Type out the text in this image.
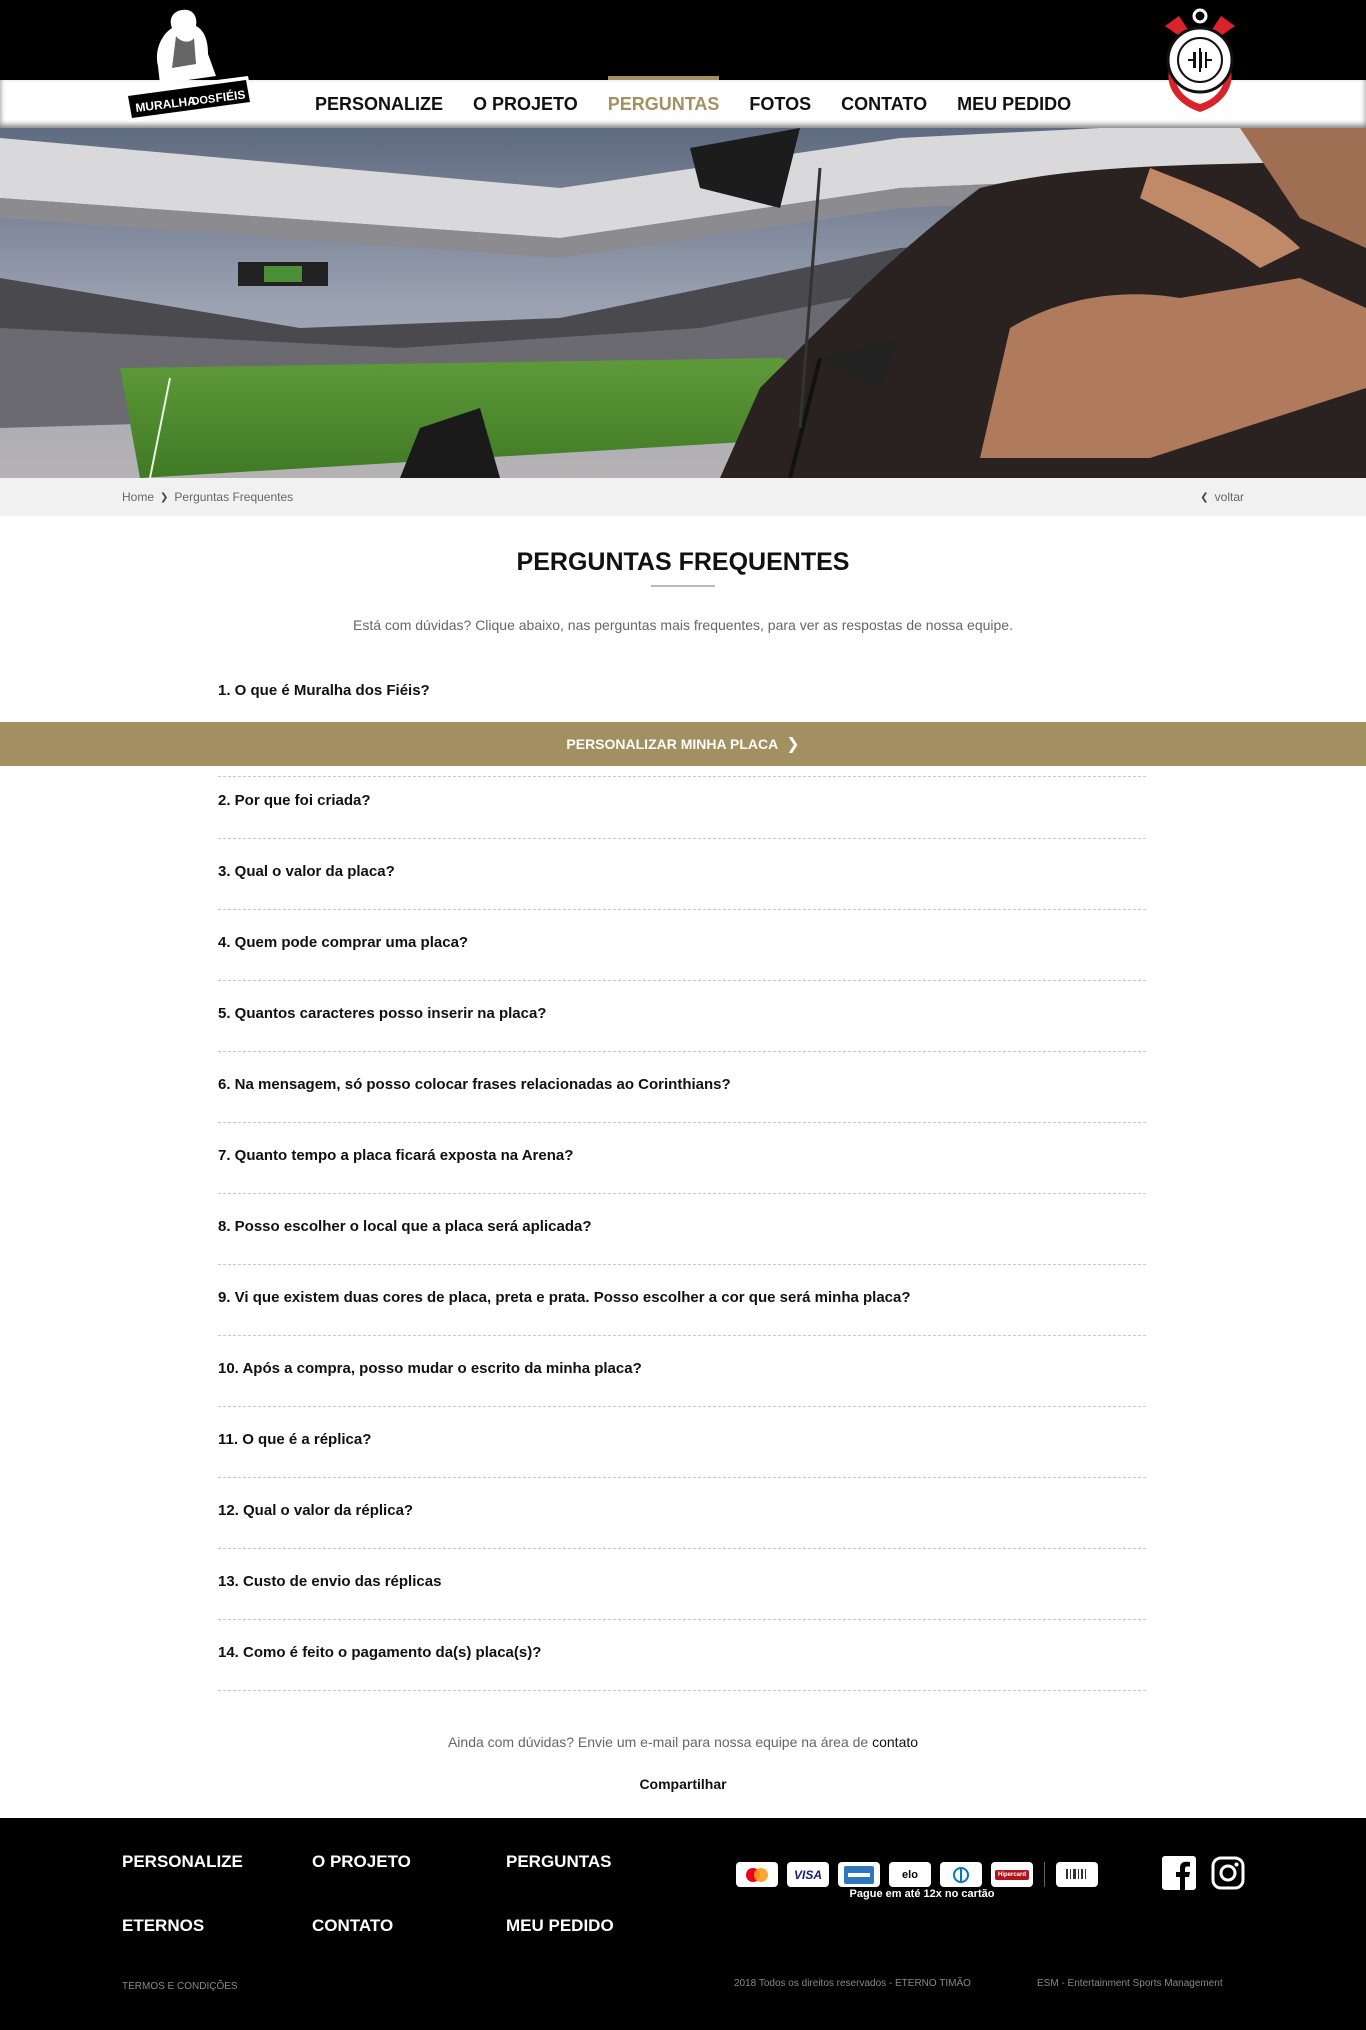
MURALHA
DOS
FIÉIS	PERSONALIZE	O PROJETO	PERGUNTAS	FOTOS	CONTATO	MEU PEDIDO
Home ❯ Perguntas Frequentes	❮ voltar
PERGUNTAS FREQUENTES
Está com dúvidas? Clique abaixo, nas perguntas mais frequentes, para ver as respostas de nossa equipe.
1. O que é Muralha dos Fiéis?
PERSONALIZAR MINHA PLACA ❯
2. Por que foi criada?
3. Qual o valor da placa?
4. Quem pode comprar uma placa?
5. Quantos caracteres posso inserir na placa?
6. Na mensagem, só posso colocar frases relacionadas ao Corinthians?
7. Quanto tempo a placa ficará exposta na Arena?
8. Posso escolher o local que a placa será aplicada?
9. Vi que existem duas cores de placa, preta e prata. Posso escolher a cor que será minha placa?
10. Após a compra, posso mudar o escrito da minha placa?
11. O que é a réplica?
12. Qual o valor da réplica?
13. Custo de envio das réplicas
14. Como é feito o pagamento da(s) placa(s)?
Ainda com dúvidas? Envie um e-mail para nossa equipe na área de contato
Compartilhar
PERSONALIZE	O PROJETO	PERGUNTAS
ETERNOS	CONTATO	MEU PEDIDO
VISA	elo	Hipercard
Pague em até 12x no cartão
TERMOS E CONDIÇÕES	2018 Todos os direitos reservados - ETERNO TIMÃO	ESM - Entertainment Sports Management
